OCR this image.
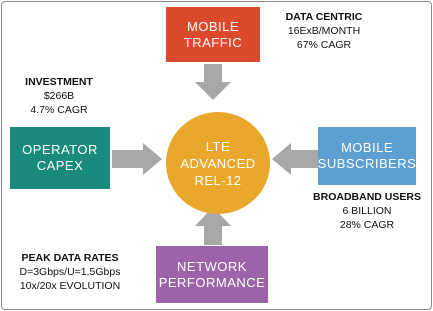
MOBILE
TRAFFIC
OPERATOR
CAPEX
MOBILE
SUBSCRIBERS
NETWORK
PERFORMANCE
LTE
ADVANCED
REL-12
DATA CENTRIC
16ExB/MONTH
67% CAGR
INVESTMENT
$266B
4.7% CAGR
BROADBAND USERS
6 BILLION
28% CAGR
PEAK DATA RATES
D=3Gbps/U=1.5Gbps
10x/20x EVOLUTION
